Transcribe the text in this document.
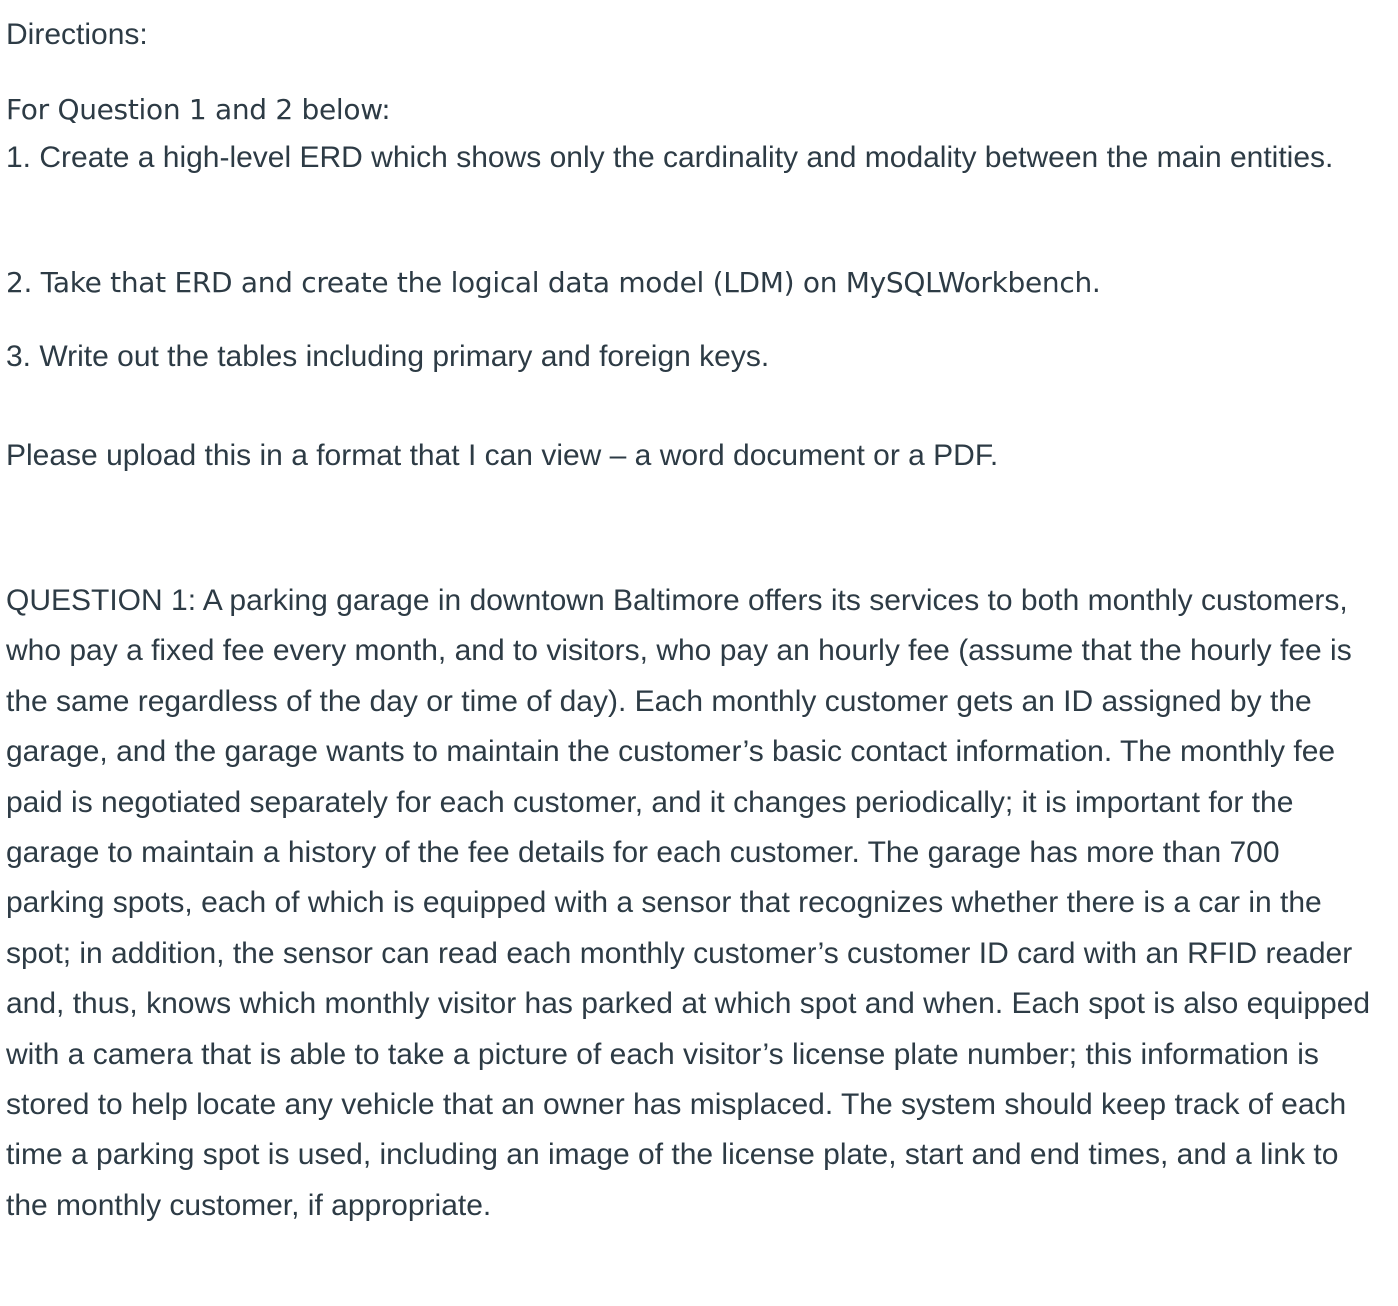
Directions:

For Question 1 and 2 below:

1. Create a high-level ERD which shows only the cardinality and modality between the main entities.

2. Take that ERD and create the logical data model (LDM) on MySQLWorkbench.

3. Write out the tables including primary and foreign keys.

Please upload this in a format that I can view – a word document or a PDF.

QUESTION 1: A parking garage in downtown Baltimore offers its services to both monthly customers, who pay a fixed fee every month, and to visitors, who pay an hourly fee (assume that the hourly fee is the same regardless of the day or time of day). Each monthly customer gets an ID assigned by the garage, and the garage wants to maintain the customer’s basic contact information. The monthly fee paid is negotiated separately for each customer, and it changes periodically; it is important for the garage to maintain a history of the fee details for each customer. The garage has more than 700 parking spots, each of which is equipped with a sensor that recognizes whether there is a car in the spot; in addition, the sensor can read each monthly customer’s customer ID card with an RFID reader and, thus, knows which monthly visitor has parked at which spot and when. Each spot is also equipped with a camera that is able to take a picture of each visitor’s license plate number; this information is stored to help locate any vehicle that an owner has misplaced. The system should keep track of each time a parking spot is used, including an image of the license plate, start and end times, and a link to the monthly customer, if appropriate.
